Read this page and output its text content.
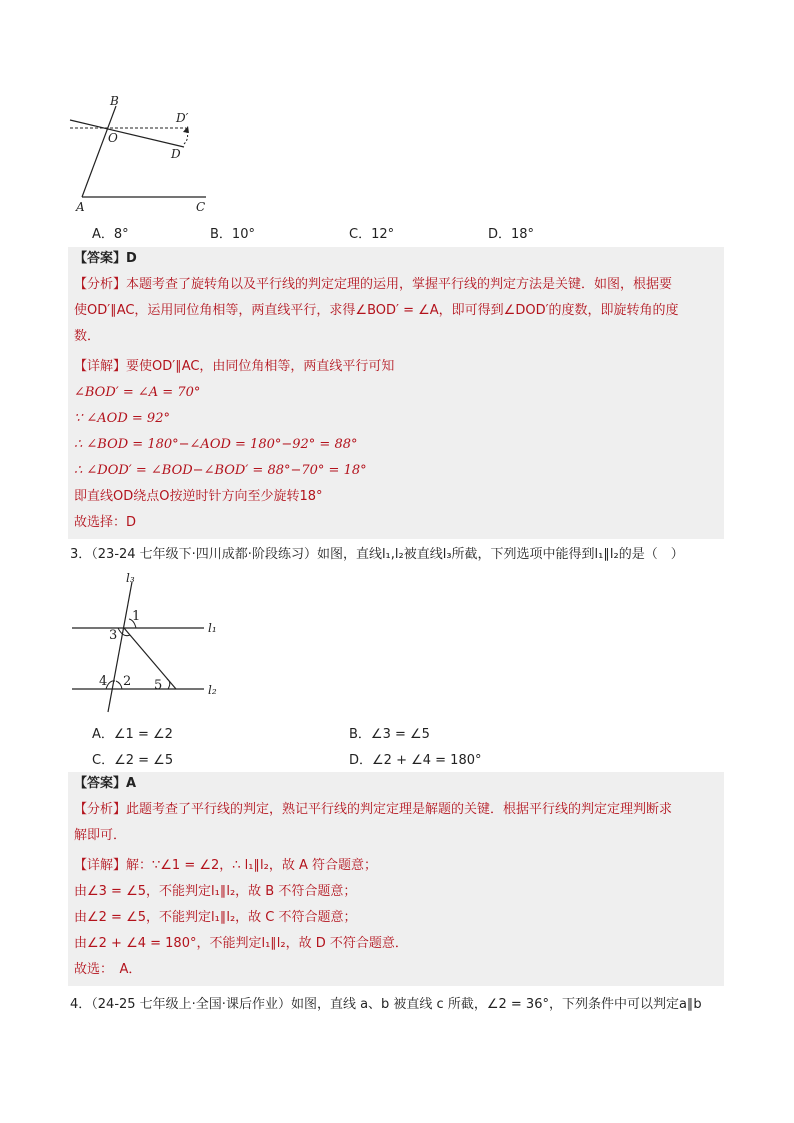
B
O
D′
D
A	C
A．8°	B．10°	C．12°	D．18°
【答案】D
【分析】本题考查了旋转角以及平行线的判定定理的运用，掌握平行线的判定方法是关键．如图，根据要
使OD′∥AC，运用同位角相等，两直线平行，求得∠BOD′ = ∠A，即可得到∠DOD′的度数，即旋转角的度
数．
【详解】要使OD′∥AC，由同位角相等，两直线平行可知
∠BOD′ = ∠A = 70°
∵ ∠AOD = 92°
∴ ∠BOD = 180°−∠AOD = 180°−92° = 88°
∴ ∠DOD′ = ∠BOD−∠BOD′ = 88°−70° = 18°
即直线OD绕点O按逆时针方向至少旋转18°
故选择：D
3．（23-24 七年级下·四川成都·阶段练习）如图，直线l₁,l₂被直线l₃所截，下列选项中能得到l₁∥l₂的是（　）
l₃
l₁
l₂
1
3
4 2 5
A．∠1 = ∠2	B．∠3 = ∠5
C．∠2 = ∠5	D．∠2 + ∠4 = 180°
【答案】A
【分析】此题考查了平行线的判定，熟记平行线的判定定理是解题的关键．根据平行线的判定定理判断求
解即可．
【详解】解：∵∠1 = ∠2，∴ l₁∥l₂，故 A 符合题意；
由∠3 = ∠5，不能判定l₁∥l₂，故 B 不符合题意；
由∠2 = ∠5，不能判定l₁∥l₂，故 C 不符合题意；
由∠2 + ∠4 = 180°，不能判定l₁∥l₂，故 D 不符合题意．
故选：　A．
4．（24-25 七年级上·全国·课后作业）如图，直线 a、b 被直线 c 所截，∠2 = 36°，下列条件中可以判定a∥b
